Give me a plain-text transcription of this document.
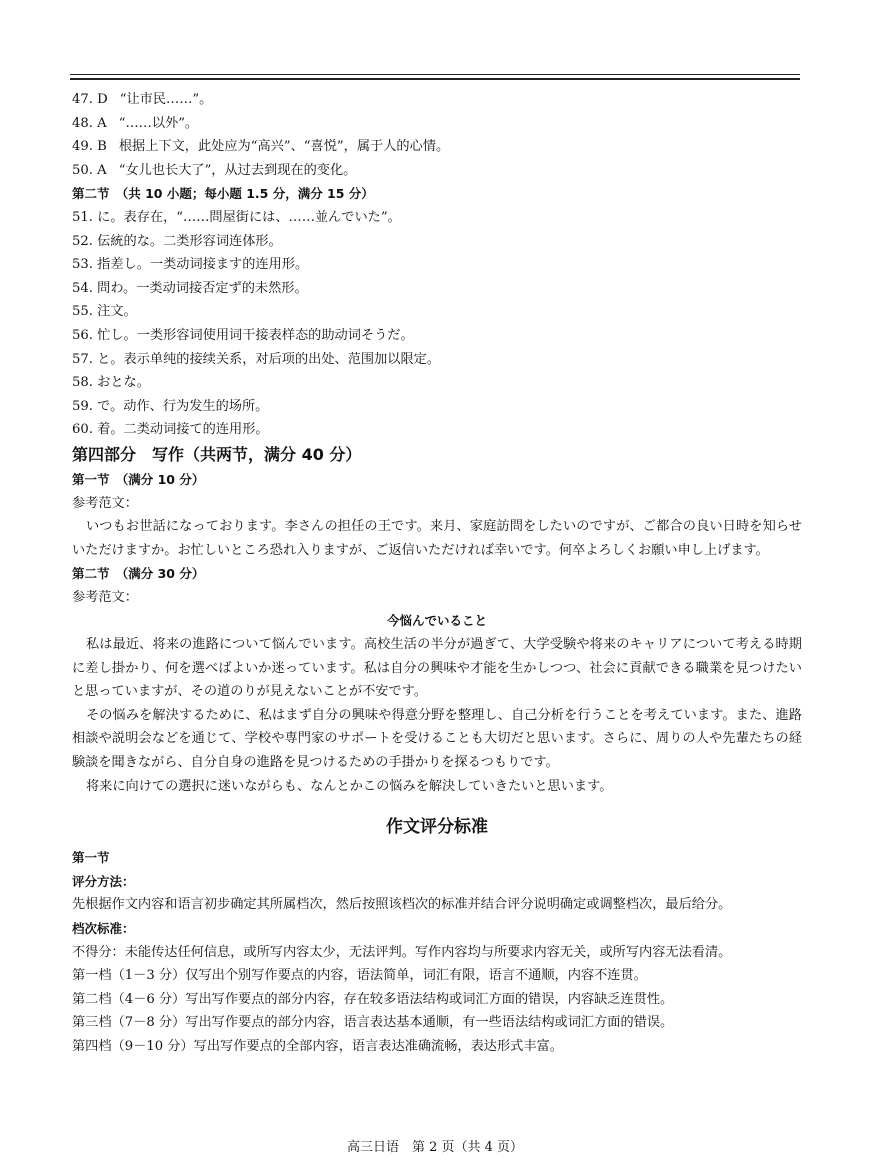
47. D “让市民……”。
48. A “……以外”。
49. B 根据上下文，此处应为“高兴”、“喜悦”，属于人的心情。
50. A “女儿也长大了”，从过去到现在的变化。
第二节　（共 10 小题；每小题 1.5 分，满分 15 分）
51. に。表存在，“……問屋街には、……並んでいた”。
52. 伝統的な。二类形容词连体形。
53. 指差し。一类动词接ます的连用形。
54. 問わ。一类动词接否定ず的未然形。
55. 注文。
56. 忙し。一类形容词使用词干接表样态的助动词そうだ。
57. と。表示单纯的接续关系，对后项的出处、范围加以限定。
58. おとな。
59. で。动作、行为发生的场所。
60. 着。二类动词接て的连用形。
第四部分　写作（共两节，满分 40 分）
第一节　（满分 10 分）
参考范文：
いつもお世話になっております。李さんの担任の王です。来月、家庭訪問をしたいのですが、ご都合の良い日時を知らせいただけますか。お忙しいところ恐れ入りますが、ご返信いただければ幸いです。何卒よろしくお願い申し上げます。
第二节　（满分 30 分）
参考范文：
今悩んでいること
私は最近、将来の進路について悩んでいます。高校生活の半分が過ぎて、大学受験や将来のキャリアについて考える時期に差し掛かり、何を選べばよいか迷っています。私は自分の興味や才能を生かしつつ、社会に貢献できる職業を見つけたいと思っていますが、その道のりが見えないことが不安です。
その悩みを解決するために、私はまず自分の興味や得意分野を整理し、自己分析を行うことを考えています。また、進路相談や説明会などを通じて、学校や専門家のサポートを受けることも大切だと思います。さらに、周りの人や先輩たちの経験談を聞きながら、自分自身の進路を見つけるための手掛かりを探るつもりです。
将来に向けての選択に迷いながらも、なんとかこの悩みを解決していきたいと思います。
作文评分标准
第一节
评分方法：
先根据作文内容和语言初步确定其所属档次，然后按照该档次的标准并结合评分说明确定或调整档次，最后给分。
档次标准：
不得分：未能传达任何信息，或所写内容太少，无法评判。写作内容均与所要求内容无关，或所写内容无法看清。
第一档（1－3 分）仅写出个别写作要点的内容，语法简单，词汇有限，语言不通顺，内容不连贯。
第二档（4－6 分）写出写作要点的部分内容，存在较多语法结构或词汇方面的错误，内容缺乏连贯性。
第三档（7－8 分）写出写作要点的部分内容，语言表达基本通顺，有一些语法结构或词汇方面的错误。
第四档（9－10 分）写出写作要点的全部内容，语言表达准确流畅，表达形式丰富。
高三日语　第 2 页（共 4 页）
